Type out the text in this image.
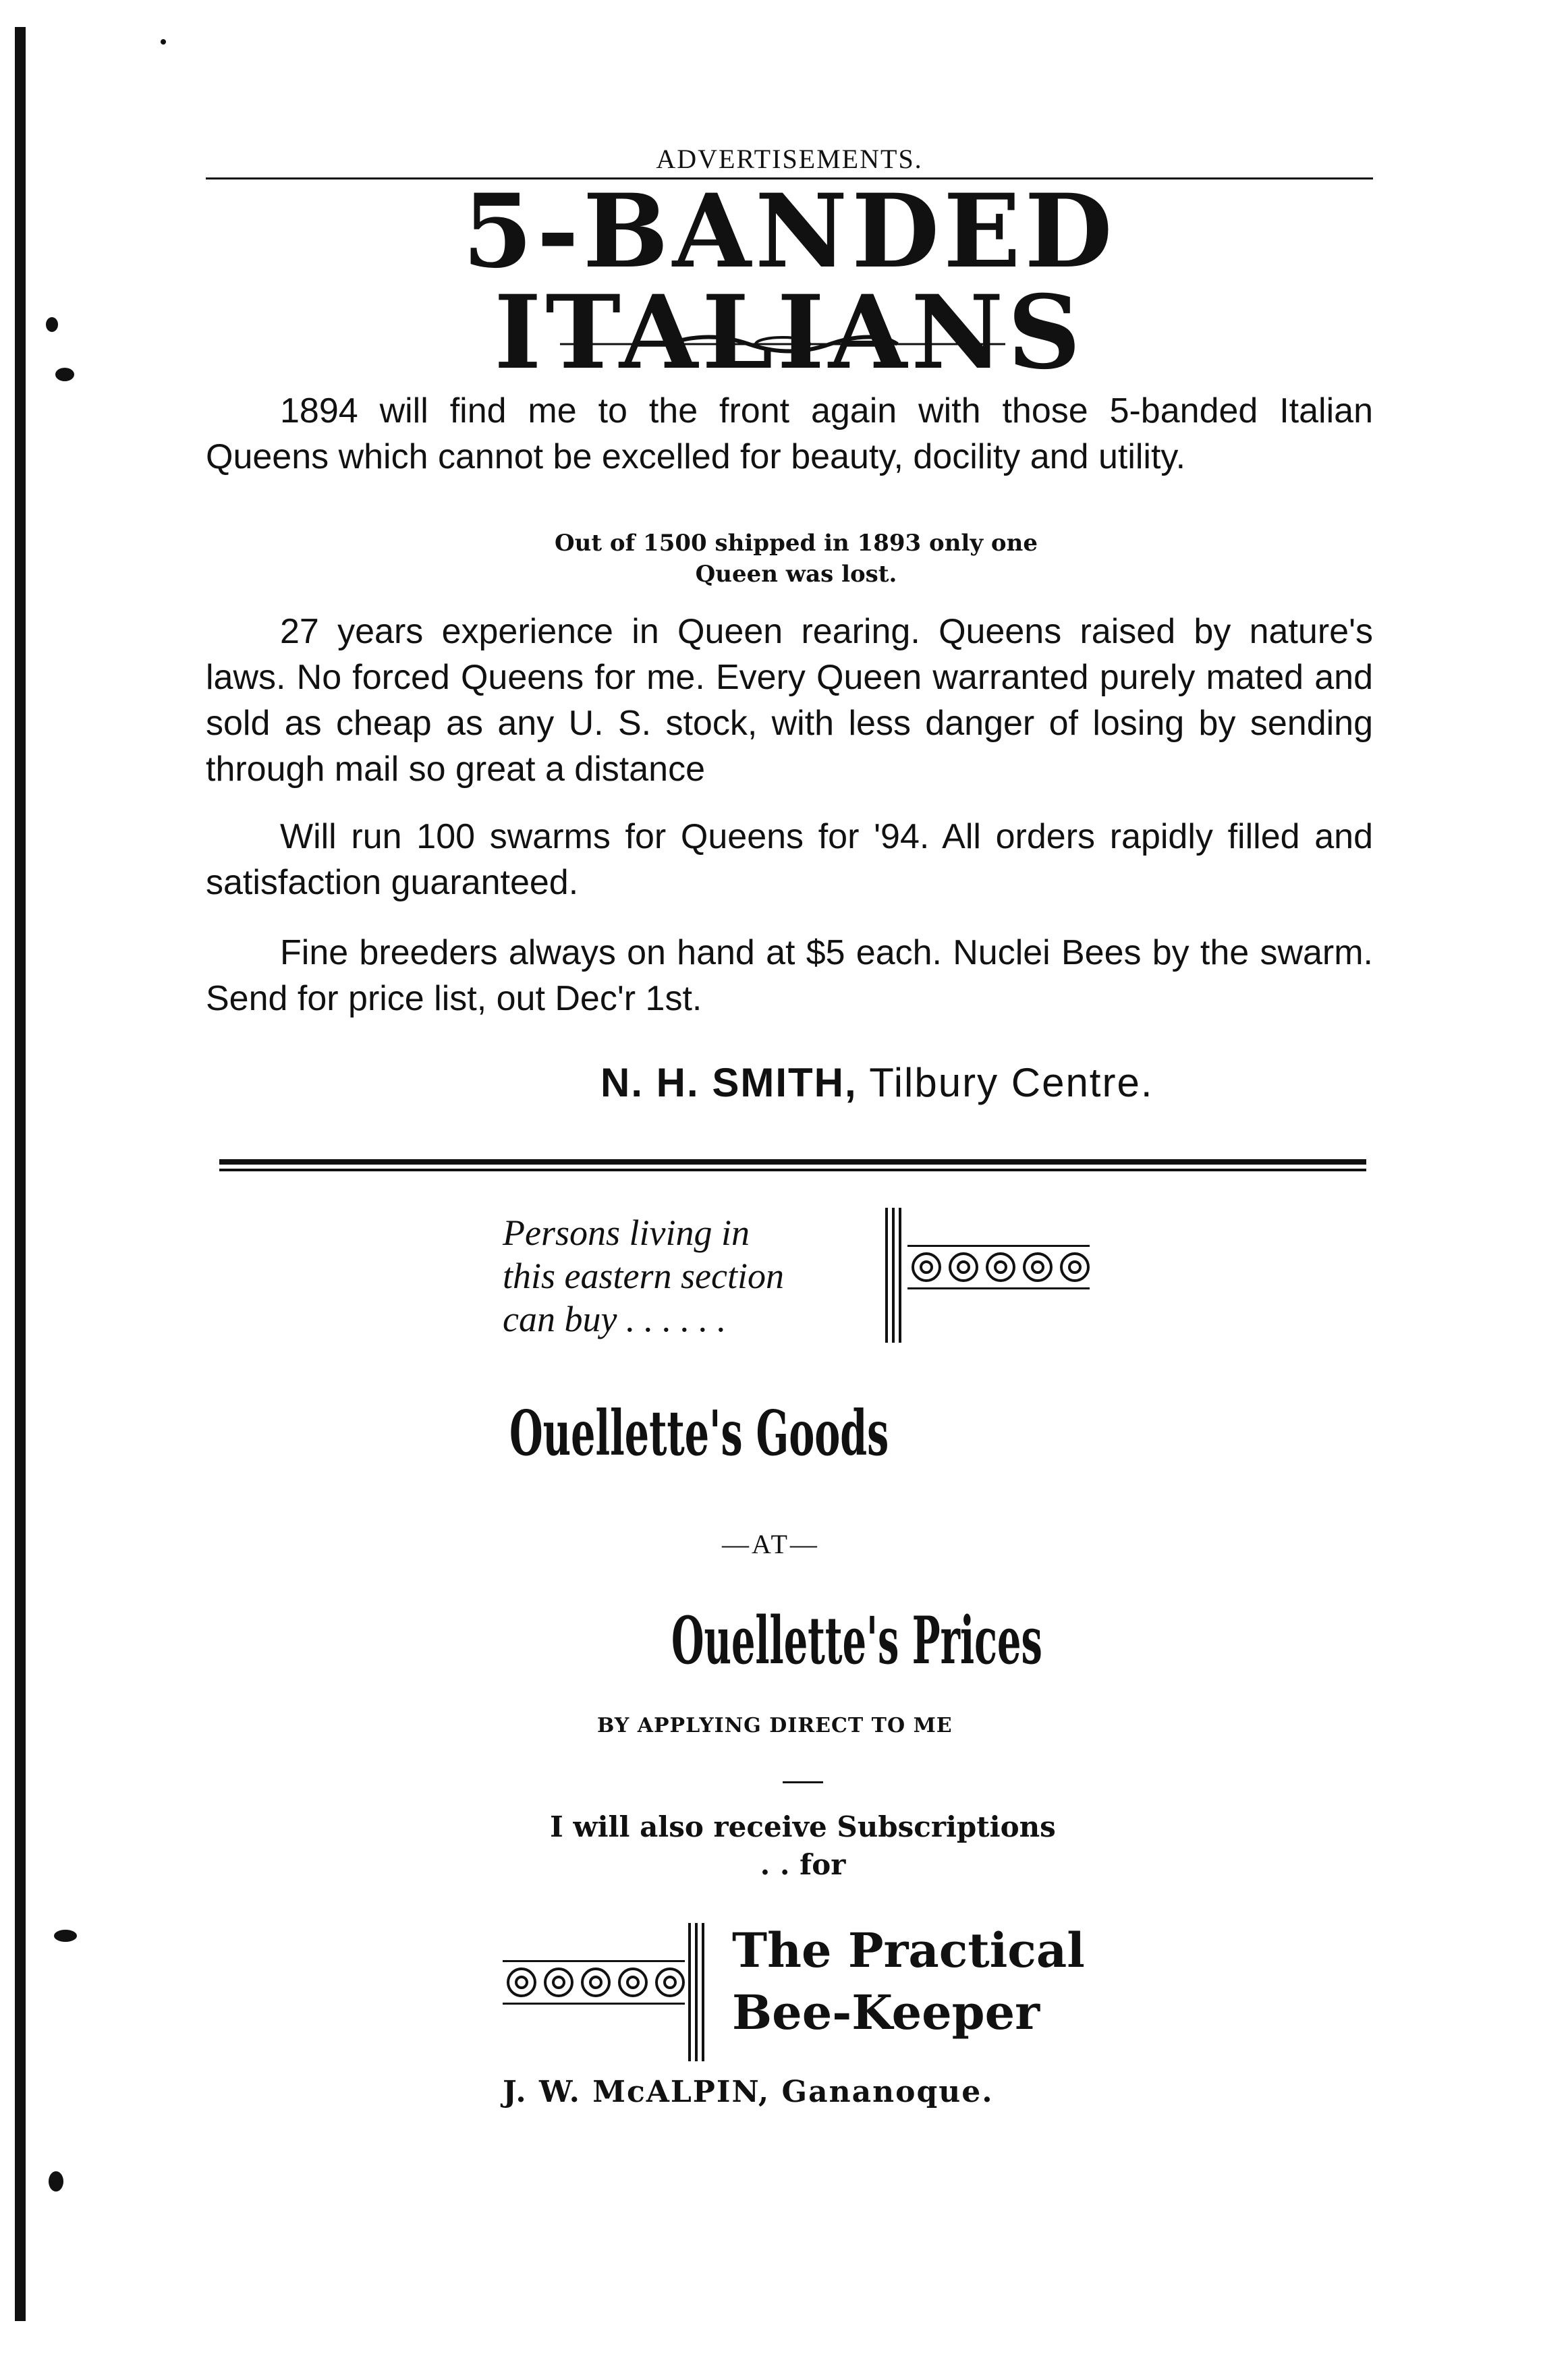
ADVERTISEMENTS.
5-BANDED ITALIANS
1894 will find me to the front again with those 5-banded Italian Queens which cannot be excelled for beauty, docility and utility.
Out of 1500 shipped in 1893 only one
Queen was lost.
27 years experience in Queen rearing. Queens raised by nature's laws. No forced Queens for me. Every Queen warranted purely mated and sold as cheap as any U. S. stock, with less danger of losing by sending through mail so great a distance
Will run 100 swarms for Queens for '94. All orders rapidly filled and satisfaction guaranteed.
Fine breeders always on hand at $5 each. Nuclei Bees by the swarm. Send for price list, out Dec'r 1st.
N. H. SMITH, Tilbury Centre.
Persons living in
this eastern section
can buy . . . . . .
Ouellette's Goods
—AT—
Ouellette's Prices
BY APPLYING DIRECT TO ME
I will also receive Subscriptions
. . for
The Practical
Bee-Keeper
J. W. McALPIN, Gananoque.
